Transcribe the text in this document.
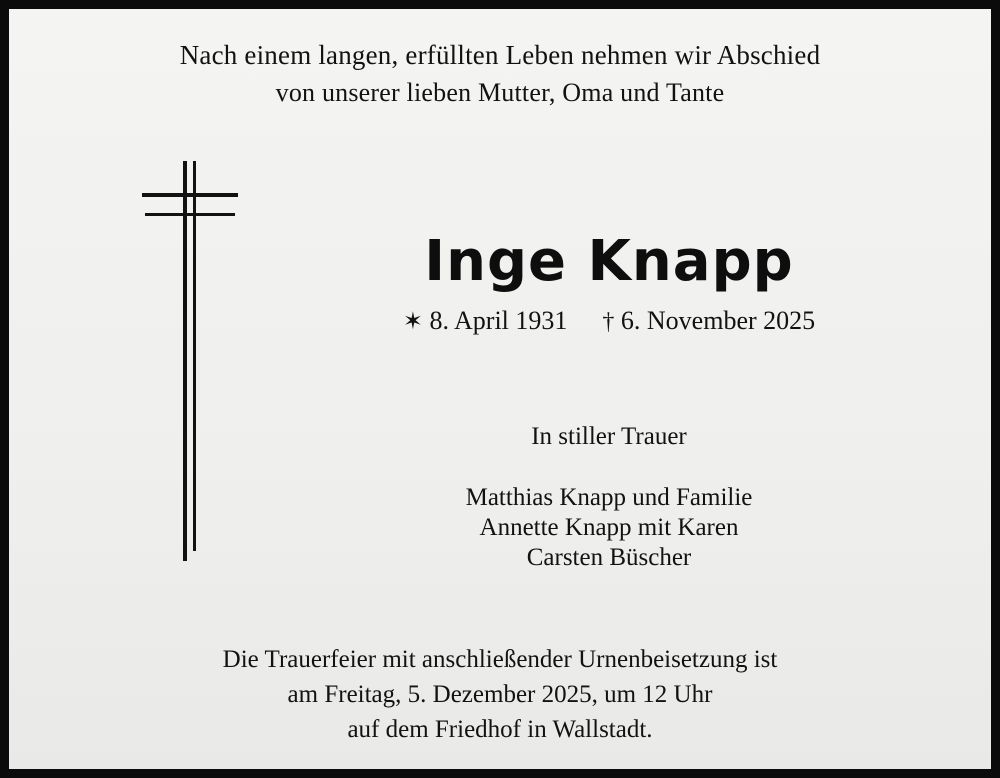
Nach einem langen, erfüllten Leben nehmen wir Abschied
von unserer lieben Mutter, Oma und Tante
Inge Knapp
✶ 8. April 1931 † 6. November 2025
In stiller Trauer
Matthias Knapp und Familie
Annette Knapp mit Karen
Carsten Büscher
Die Trauerfeier mit anschließender Urnenbeisetzung ist
am Freitag, 5. Dezember 2025, um 12 Uhr
auf dem Friedhof in Wallstadt.
